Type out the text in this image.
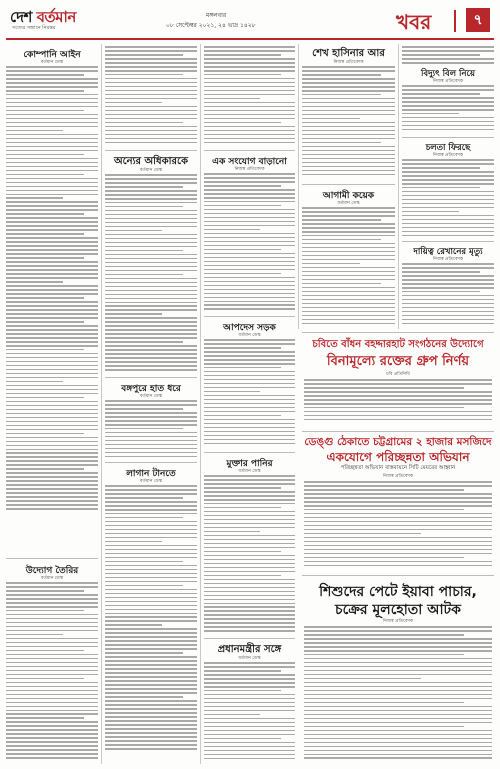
দেশ বর্তমান
সত্যের সন্ধানে নিরন্তর
মঙ্গলবার
০৮ সেপ্টেম্বর ২০২১, ২৪ ভাদ্র ১৪২৮	খবর	৭
কোম্পানি আইন
বর্তমান ডেস্ক
উদ্যোগ তৈরির
বর্তমান ডেস্ক
অন্যের অধিকারকে
বর্তমান ডেস্ক
বঙ্গপুরে হাত ধরে
বর্তমান ডেস্ক
লাগান টানতে
বর্তমান ডেস্ক
এক সংযোগ বাড়ানো
নিজস্ব প্রতিবেদক
আপদেস সড়ক
বর্তমান ডেস্ক
মুক্তার পানির
বর্তমান ডেস্ক
প্রধানমন্ত্রীর সঙ্গে
বর্তমান ডেস্ক
শেখ হাসিনার আর
নিজস্ব প্রতিবেদক
আগামী কয়েক
বর্তমান ডেস্ক
বিদ্যুৎ বিল নিয়ে
নিজস্ব প্রতিবেদক
চলতা ফিরছে
নিজস্ব প্রতিবেদক
দায়িত্ব রেখানের মৃত্যু
নিজস্ব প্রতিবেদক
চবিতে বাঁধন বহদ্দারহাট সংগঠনের উদ্যোগে
বিনামূল্যে রক্তের গ্রুপ নির্ণয়
চবি প্রতিনিধি
ডেঙ্গু ঠেকাতে চট্টগ্রামের ২ হাজার মসজিদে
একযোগে পরিচ্ছন্নতা অভিযান
পরিচ্ছন্নতা অভিযান বাস্তবায়নে সিটি মেয়রের আহ্বান
নিজস্ব প্রতিবেদক
শিশুদের পেটে ইয়াবা পাচার,
চক্রের মূলহোতা আটক
নিজস্ব প্রতিবেদক
